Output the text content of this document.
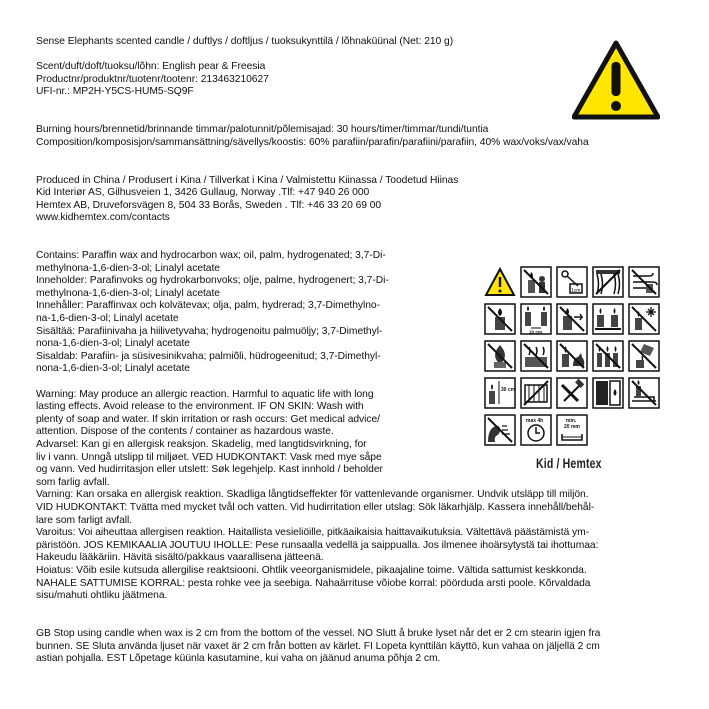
Sense Elephants scented candle / duftlys / doftljus / tuoksukynttilä / lõhnaküünal (Net: 210 g)

Scent/duft/doft/tuoksu/lõhn: English pear & Freesia

Productnr/produktnr/tuotenr/tootenr: 213463210627

UFI-nr.: MP2H-Y5CS-HUM5-SQ9F

Burning hours/brennetid/brinnande timmar/palotunnit/põlemisajad: 30 hours/timer/timmar/tundi/tuntia

Composition/komposisjon/sammansättning/sävellys/koostis: 60% parafiin/parafin/parafiini/parafiin, 40% wax/voks/vax/vaha

Produced in China / Produsert i Kina / Tillverkat i Kina / Valmistettu Kiinassa / Toodetud Hiinas

Kid Interiør AS, Gilhusveien 1, 3426 Gullaug, Norway .Tlf: +47 940 26 000

Hemtex AB, Druveforsvägen 8, 504 33 Borås, Sweden . Tlf: +46 33 20 69 00

www.kidhemtex.com/contacts

Contains: Paraffin wax and hydrocarbon wax; oil, palm, hydrogenated; 3,7-Di-

methylnona-1,6-dien-3-ol; Linalyl acetate

Inneholder: Parafinvoks og hydrokarbonvoks; olje, palme, hydrogenert; 3,7-Di-

methylnona-1,6-dien-3-ol; Linalyl acetate

Innehåller: Paraffinvax och kolvätevax; olja, palm, hydrerad; 3,7-Dimethylno-

na-1,6-dien-3-ol; Linalyl acetate

Sisältää: Parafiinivaha ja hiilivetyvaha; hydrogenoitu palmuöljy; 3,7-Dimethyl-

nona-1,6-dien-3-ol; Linalyl acetate

Sisaldab: Parafiin- ja süsivesinikvaha; palmiõli, hüdrogeenitud; 3,7-Dimethyl-

nona-1,6-dien-3-ol; Linalyl acetate

Warning: May produce an allergic reaction. Harmful to aquatic life with long

lasting effects. Avoid release to the environment. IF ON SKIN: Wash with

plenty of soap and water. If skin irritation or rash occurs: Get medical advice/

attention. Dispose of the contents / container as hazardous waste.

Advarsel: Kan gi en allergisk reaksjon. Skadelig, med langtidsvirkning, for

liv i vann. Unngå utslipp til miljøet. VED HUDKONTAKT: Vask med mye såpe

og vann. Ved hudirritasjon eller utslett: Søk legehjelp. Kast innhold / beholder

som farlig avfall.

Varning: Kan orsaka en allergisk reaktion. Skadliga långtidseffekter för vattenlevande organismer. Undvik utsläpp till miljön.

VID HUDKONTAKT: Tvätta med mycket tvål och vatten. Vid hudirritation eller utslag: Sök läkarhjälp. Kassera innehåll/behål-

lare som farligt avfall.

Varoitus: Voi aiheuttaa allergisen reaktion. Haitallista vesieliöille, pitkäaikaisia haittavaikutuksia. Vältettävä päästämistä ym-

päristöön. JOS KEMIKAALIA JOUTUU IHOLLE: Pese runsaalla vedellä ja saippualla. Jos ilmenee ihoärsytystä tai ihottumaa:

Hakeudu lääkäriin. Hävitä sisältö/pakkaus vaarallisena jätteenä.

Hoiatus: Võib esile kutsuda allergilise reaktsiooni. Ohtlik veeorganismidele, pikaajaline toime. Vältida sattumist keskkonda.

NAHALE SATTUMISE KORRAL: pesta rohke vee ja seebiga. Nahaärrituse võiobe korral: pöörduda arsti poole. Kõrvaldada

sisu/mahuti ohtliku jäätmena.

GB Stop using candle when wax is 2 cm from the bottom of the vessel. NO Slutt å bruke lyset når det er 2 cm stearin igjen fra

bunnen. SE Sluta använda ljuset när vaxet är 2 cm från botten av kärlet. FI Lopeta kynttilän käyttö, kun vahaa on jäljellä 2 cm

astian pohjalla. EST Lõpetage küünla kasutamine, kui vaha on jäänud anuma põhja 2 cm.

1cm
10 cm
30 cm
max 4h	min. 20 mm
Kid / Hemtex
